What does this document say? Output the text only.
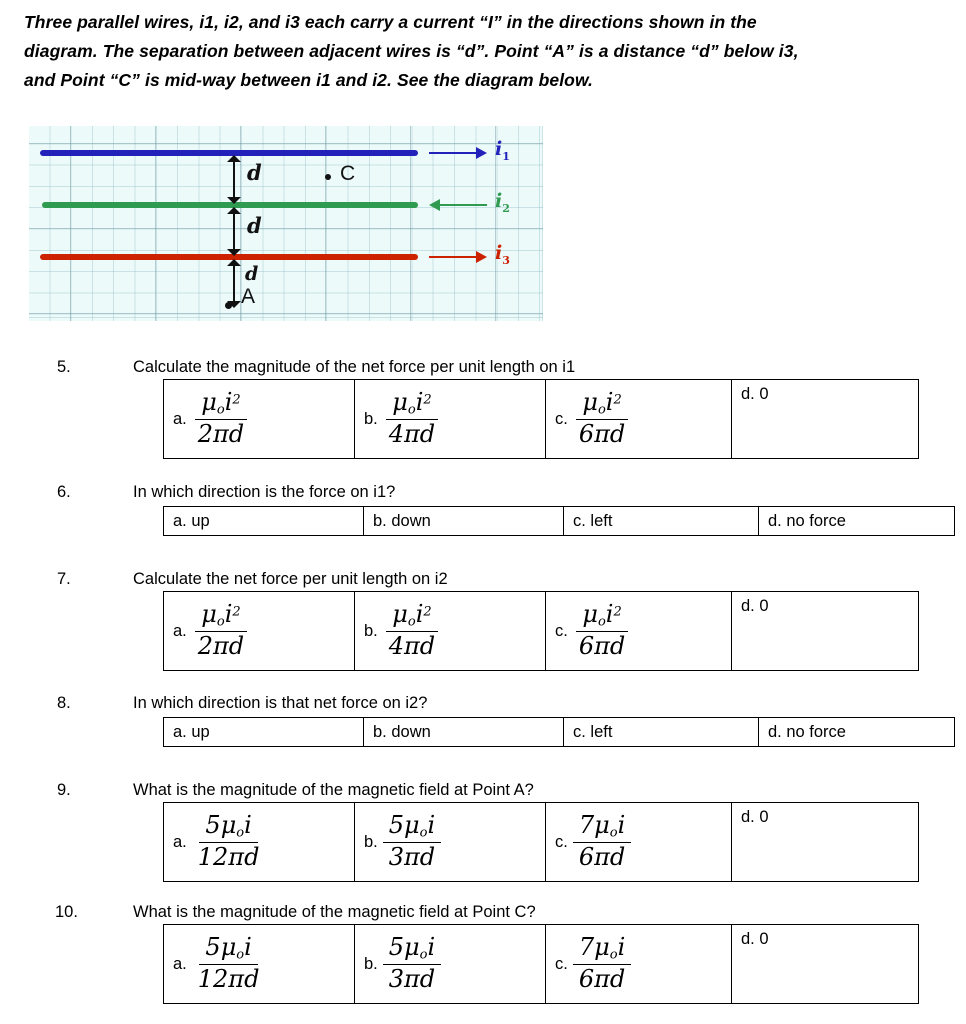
Three parallel wires, i1, i2, and i3 each carry a current “I” in the directions shown in the
diagram. The separation between adjacent wires is “d”. Point “A” is a distance “d” below i3,
and Point “C” is mid-way between i1 and i2. See the diagram below.
d
d
d
A
C
$i_1$
$i_2$
$i_3$
5.	Calculate the magnitude of the net force per unit length on i1
a. $\frac{\mu_oi^2}{2\pi d}$	b. $\frac{\mu_oi^2}{4\pi d}$	c. $\frac{\mu_oi^2}{6\pi d}$	d. 0
6.	In which direction is the force on i1?
a. up	b. down	c. left	d. no force
7.	Calculate the net force per unit length on i2
a. $\frac{\mu_oi^2}{2\pi d}$	b. $\frac{\mu_oi^2}{4\pi d}$	c. $\frac{\mu_oi^2}{6\pi d}$	d. 0
8.	In which direction is that net force on i2?
a. up	b. down	c. left	d. no force
9.	What is the magnitude of the magnetic field at Point A?
a. $\frac{5\mu_oi}{12\pi d}$	b. $\frac{5\mu_oi}{3\pi d}$	c. $\frac{7\mu_oi}{6\pi d}$	d. 0
10.	What is the magnitude of the magnetic field at Point C?
a. $\frac{5\mu_oi}{12\pi d}$	b. $\frac{5\mu_oi}{3\pi d}$	c. $\frac{7\mu_oi}{6\pi d}$	d. 0
